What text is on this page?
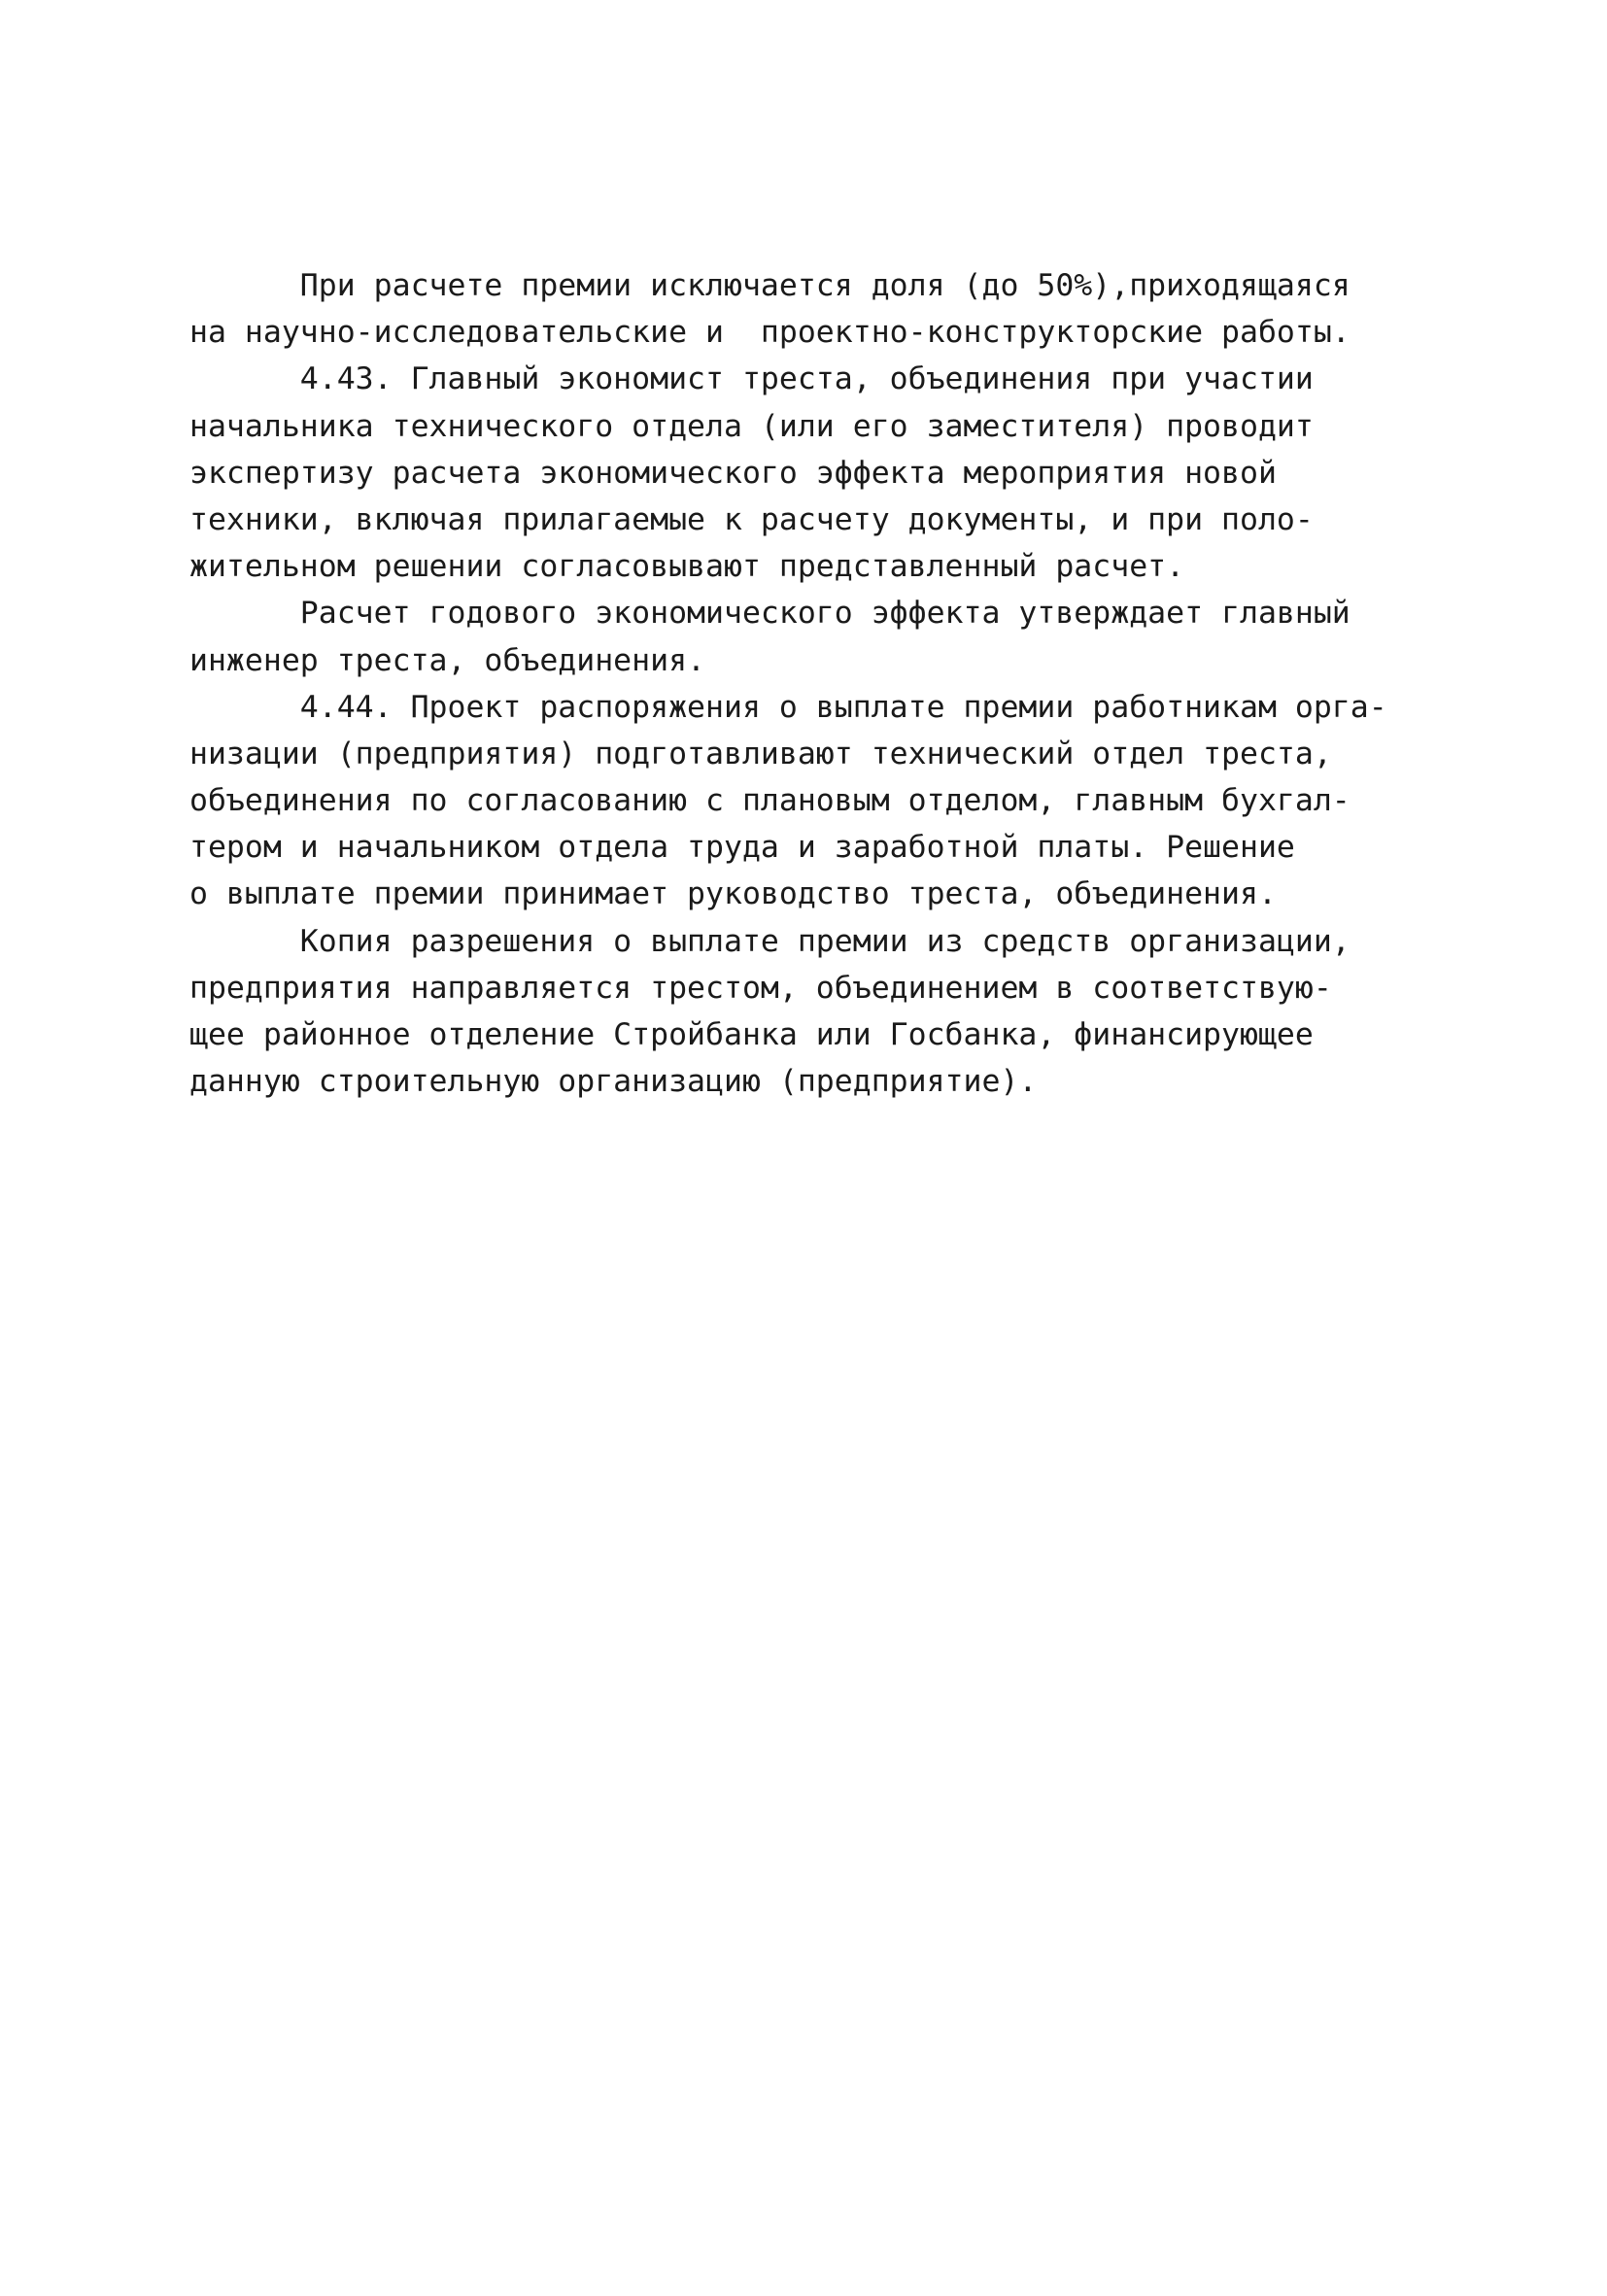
При расчете премии исключается доля (до 50%),приходящаяся
на научно-исследовательские и  проектно-конструкторские работы.
4.43. Главный экономист треста, объединения при участии
начальника технического отдела (или его заместителя) проводит
экспертизу расчета экономического эффекта мероприятия новой
техники, включая прилагаемые к расчету документы, и при поло-
жительном решении согласовывают представленный расчет.
Расчет годового экономического эффекта утверждает главный
инженер треста, объединения.
4.44. Проект распоряжения о выплате премии работникам орга-
низации (предприятия) подготавливают технический отдел треста,
объединения по согласованию с плановым отделом, главным бухгал-
тером и начальником отдела труда и заработной платы. Решение
о выплате премии принимает руководство треста, объединения.
Копия разрешения о выплате премии из средств организации,
предприятия направляется трестом, объединением в соответствую-
щее районное отделение Стройбанка или Госбанка, финансирующее
данную строительную организацию (предприятие).
